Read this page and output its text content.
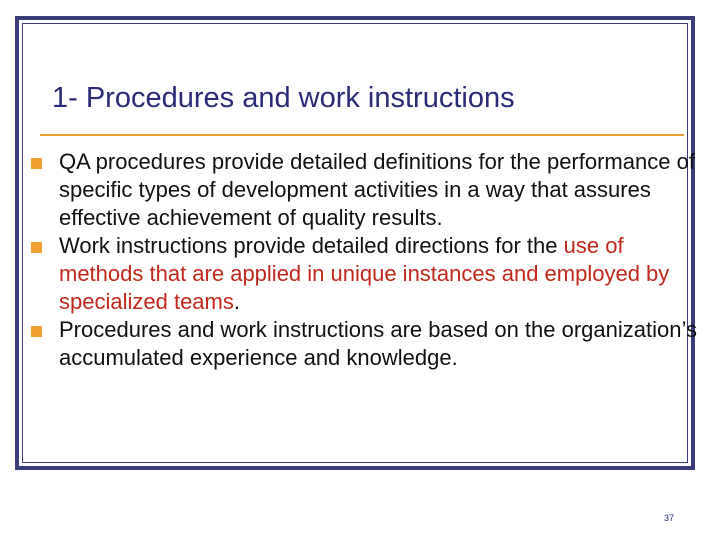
1- Procedures and work instructions
QA procedures provide detailed definitions for the performance of specific types of development activities in a way that assures effective achievement of quality results.
Work instructions provide detailed directions for the use of methods that are applied in unique instances and employed by specialized teams.
Procedures and work instructions are based on the organization’s accumulated experience and knowledge.
37
